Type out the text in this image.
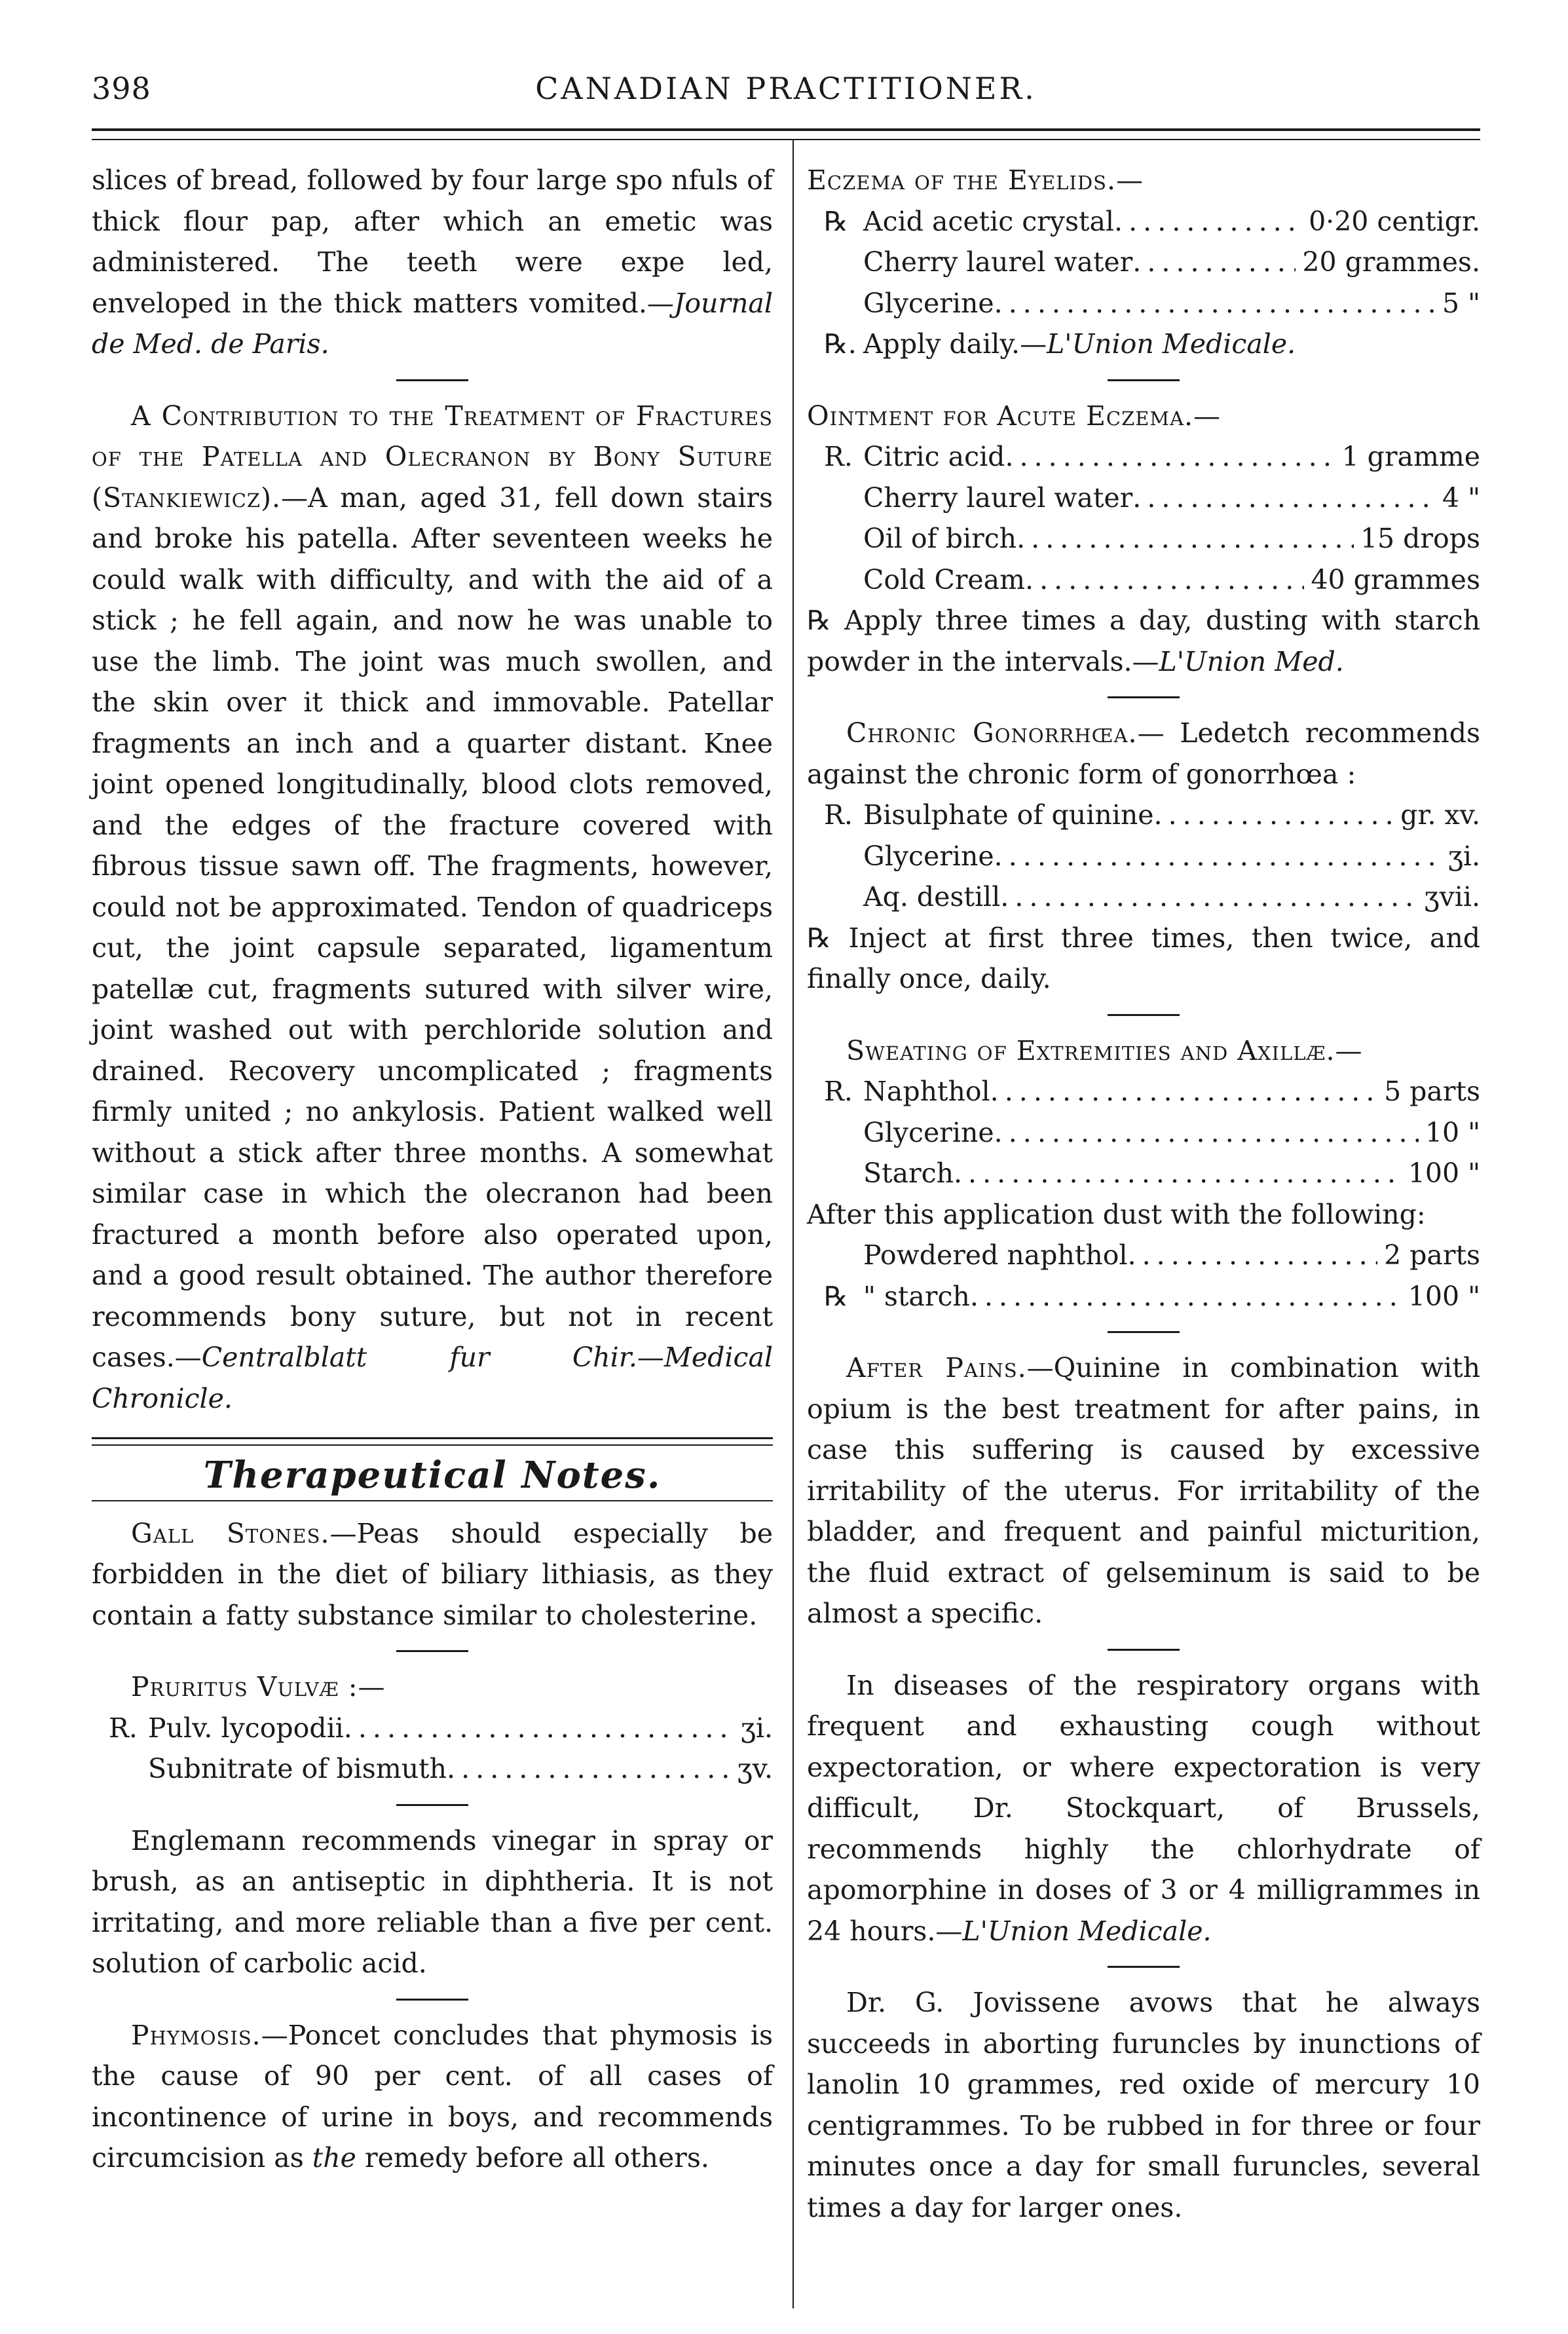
398	CANADIAN PRACTITIONER.

slices of bread, followed by four large spo nfuls of thick flour pap, after which an emetic was administered. The teeth were expe led, enveloped in the thick matters vomited.—Journal de Med. de Paris.

A Contribution to the Treatment of Fractures of the Patella and Olecranon by Bony Suture (Stankiewicz).—A man, aged 31, fell down stairs and broke his patella. After seventeen weeks he could walk with difficulty, and with the aid of a stick ; he fell again, and now he was unable to use the limb. The joint was much swollen, and the skin over it thick and immovable. Patellar fragments an inch and a quarter distant. Knee joint opened longitudinally, blood clots removed, and the edges of the fracture covered with fibrous tissue sawn off. The fragments, however, could not be approximated. Tendon of quadriceps cut, the joint capsule separated, ligamentum patellæ cut, fragments sutured with silver wire, joint washed out with perchloride solution and drained. Recovery uncomplicated ; fragments firmly united ; no ankylosis. Patient walked well without a stick after three months. A somewhat similar case in which the olecranon had been fractured a month before also operated upon, and a good result obtained. The author therefore recommends bony suture, but not in recent cases.—Centralblatt fur Chir.—Medical Chronicle.

Therapeutical Notes.

Gall Stones.—Peas should especially be forbidden in the diet of biliary lithiasis, as they contain a fatty substance similar to cholesterine.

Pruritus Vulvæ :—

R. Pulv. lycopodii . . .	ʒi.
Subnitrate of bismuth . . .	ʒv.

Englemann recommends vinegar in spray or brush, as an antiseptic in diphtheria. It is not irritating, and more reliable than a five per cent. solution of carbolic acid.

Phymosis.—Poncet concludes that phymosis is the cause of 90 per cent. of all cases of incontinence of urine in boys, and recommends circumcision as the remedy before all others.

Eczema of the Eyelids.—

℞ Acid acetic crystal . . .	0·20 centigr.
Cherry laurel water . . .	20 grammes.
Glycerine . . .	5 "
℞. Apply daily.— L'Union Medicale.

Ointment for Acute Eczema.—

R. Citric acid . . .	1 gramme
Cherry laurel water . . .	4 "
Oil of birch . . .	15 drops
Cold Cream . . .	40 grammes

℞ Apply three times a day, dusting with starch powder in the intervals.—L'Union Med.

Chronic Gonorrhœa.— Ledetch recommends against the chronic form of gonorrhœa :

R. Bisulphate of quinine . . .	gr. xv.
Glycerine . . .	ʒi.
Aq. destill . . .	ʒvii.

℞ Inject at first three times, then twice, and finally once, daily.

Sweating of Extremities and Axillæ.—

R. Naphthol . . .	5 parts
Glycerine . . .	10 "
Starch . . .	100 "

After this application dust with the following:

Powdered naphthol . . .	2 parts
℞ " starch . . .	100 "

After Pains.—Quinine in combination with opium is the best treatment for after pains, in case this suffering is caused by excessive irritability of the uterus. For irritability of the bladder, and frequent and painful micturition, the fluid extract of gelseminum is said to be almost a specific.

In diseases of the respiratory organs with frequent and exhausting cough without expectoration, or where expectoration is very difficult, Dr. Stockquart, of Brussels, recommends highly the chlorhydrate of apomorphine in doses of 3 or 4 milligrammes in 24 hours.—L'Union Medicale.

Dr. G. Jovissene avows that he always succeeds in aborting furuncles by inunctions of lanolin 10 grammes, red oxide of mercury 10 centigrammes. To be rubbed in for three or four minutes once a day for small furuncles, several times a day for larger ones.
